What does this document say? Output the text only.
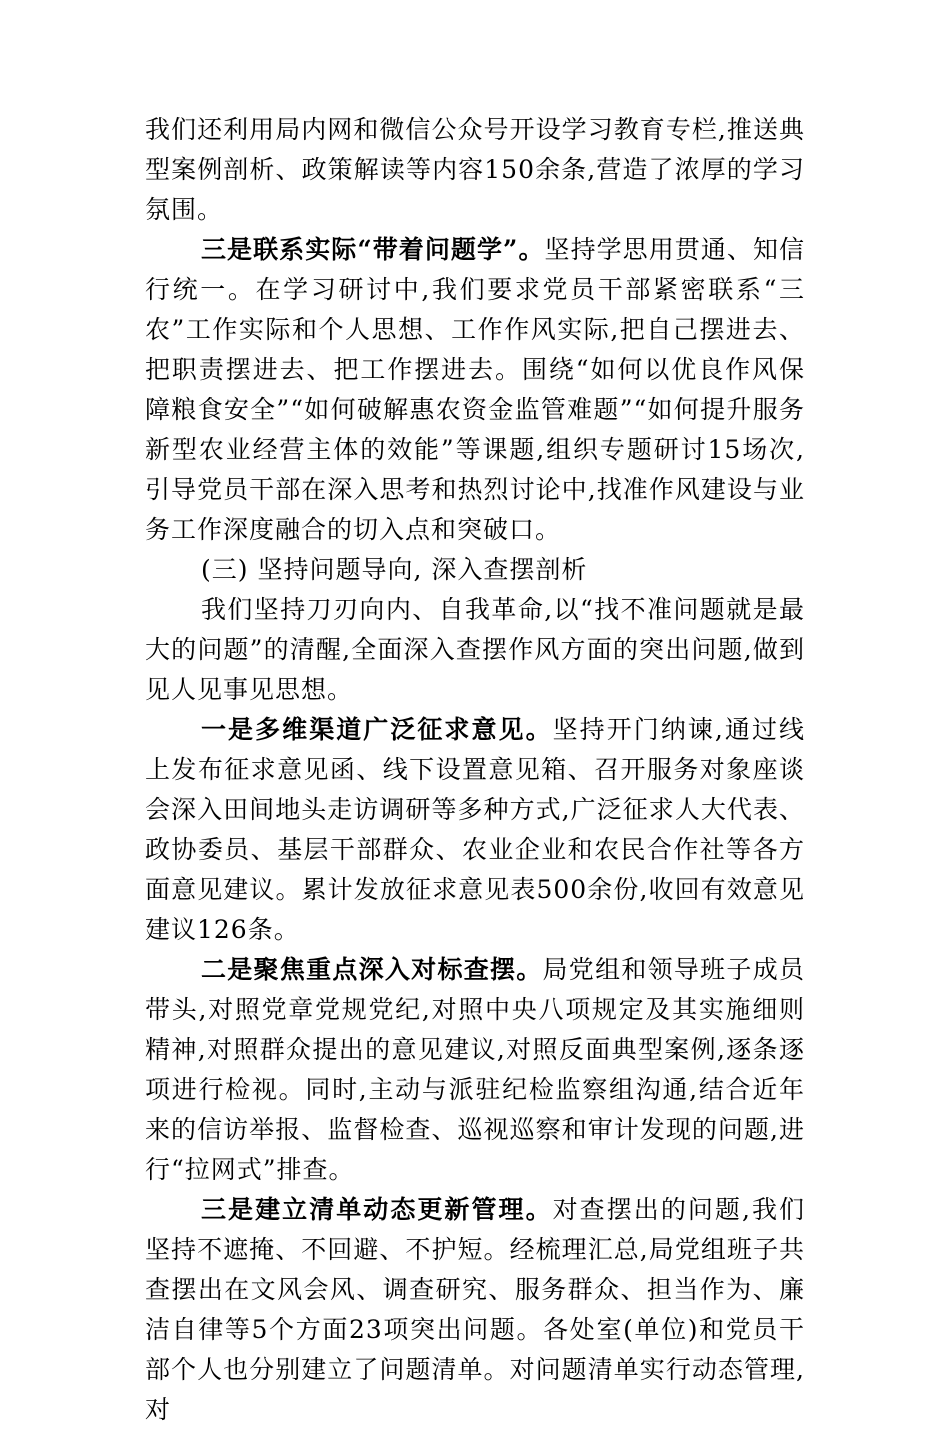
我们还利用局内网和微信公众号开设学习教育专栏,推送典型案例剖析、政策解读等内容150余条,营造了浓厚的学习氛围。

三是联系实际“带着问题学”。坚持学思用贯通、知信行统一。在学习研讨中,我们要求党员干部紧密联系“三农”工作实际和个人思想、工作作风实际,把自己摆进去、把职责摆进去、把工作摆进去。围绕“如何以优良作风保障粮食安全”“如何破解惠农资金监管难题”“如何提升服务新型农业经营主体的效能”等课题,组织专题研讨15场次,引导党员干部在深入思考和热烈讨论中,找准作风建设与业务工作深度融合的切入点和突破口。

(三) 坚持问题导向, 深入查摆剖析

我们坚持刀刃向内、自我革命,以“找不准问题就是最大的问题”的清醒,全面深入查摆作风方面的突出问题,做到见人见事见思想。

一是多维渠道广泛征求意见。坚持开门纳谏,通过线上发布征求意见函、线下设置意见箱、召开服务对象座谈会深入田间地头走访调研等多种方式,广泛征求人大代表、政协委员、基层干部群众、农业企业和农民合作社等各方面意见建议。累计发放征求意见表500余份,收回有效意见建议126条。

二是聚焦重点深入对标查摆。局党组和领导班子成员带头,对照党章党规党纪,对照中央八项规定及其实施细则精神,对照群众提出的意见建议,对照反面典型案例,逐条逐项进行检视。同时,主动与派驻纪检监察组沟通,结合近年来的信访举报、监督检查、巡视巡察和审计发现的问题,进行“拉网式”排查。

三是建立清单动态更新管理。对查摆出的问题,我们坚持不遮掩、不回避、不护短。经梳理汇总,局党组班子共查摆出在文风会风、调查研究、服务群众、担当作为、廉洁自律等5个方面23项突出问题。各处室(单位)和党员干部个人也分别建立了问题清单。对问题清单实行动态管理,对
